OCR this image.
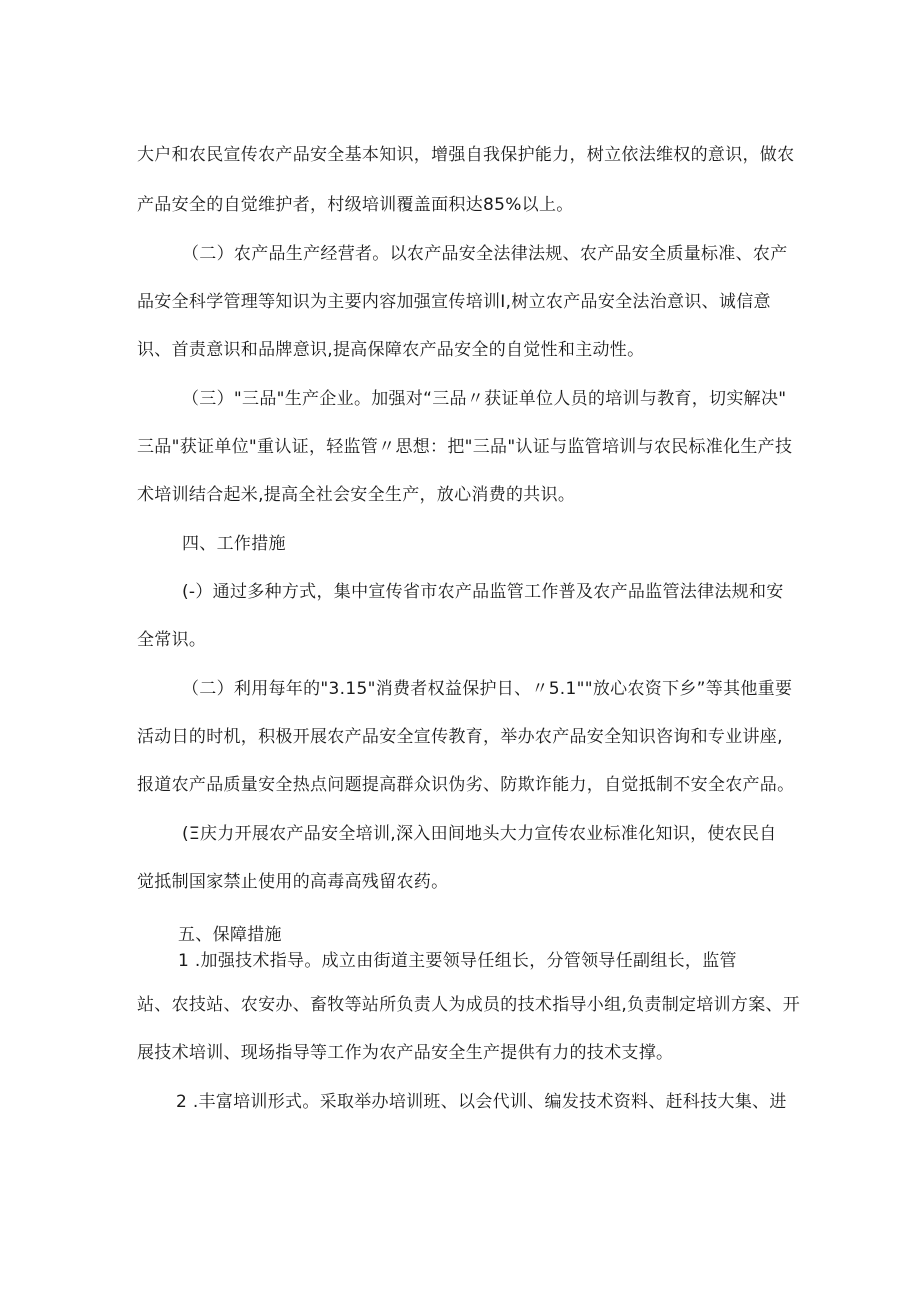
大户和农民宣传农产品安全基本知识，增强自我保护能力，树立依法维权的意识，做农
产品安全的自觉维护者，村级培训覆盖面积达85%以上。
（二）农产品生产经营者。以农产品安全法律法规、农产品安全质量标准、农产
品安全科学管理等知识为主要内容加强宣传培训I,树立农产品安全法治意识、诚信意
识、首责意识和品牌意识,提高保障农产品安全的自觉性和主动性。
（三）"三品"生产企业。加强对“三品〃获证单位人员的培训与教育，切实解决"
三品"获证单位"重认证，轻监管〃思想：把"三品"认证与监管培训与农民标准化生产技
术培训结合起米,提高全社会安全生产，放心消费的共识。
四、工作措施
(-）通过多种方式，集中宣传省市农产品监管工作普及农产品监管法律法规和安
全常识。
（二）利用每年的"3.15"消费者权益保护日、〃5.1""放心农资下乡”等其他重要
活动日的时机，积极开展农产品安全宣传教育，举办农产品安全知识咨询和专业讲座,
报道农产品质量安全热点问题提高群众识伪劣、防欺诈能力，自觉抵制不安全农产品。
(Ξ庆力开展农产品安全培训,深入田间地头大力宣传农业标准化知识，使农民自
觉抵制国家禁止使用的高毒高残留农药。
五、保障措施
1 .加强技术指导。成立由街道主要领导任组长，分管领导任副组长，监管
站、农技站、农安办、畜牧等站所负责人为成员的技术指导小组,负责制定培训方案、开
展技术培训、现场指导等工作为农产品安全生产提供有力的技术支撑。
2 .丰富培训形式。采取举办培训班、以会代训、编发技术资料、赶科技大集、进
